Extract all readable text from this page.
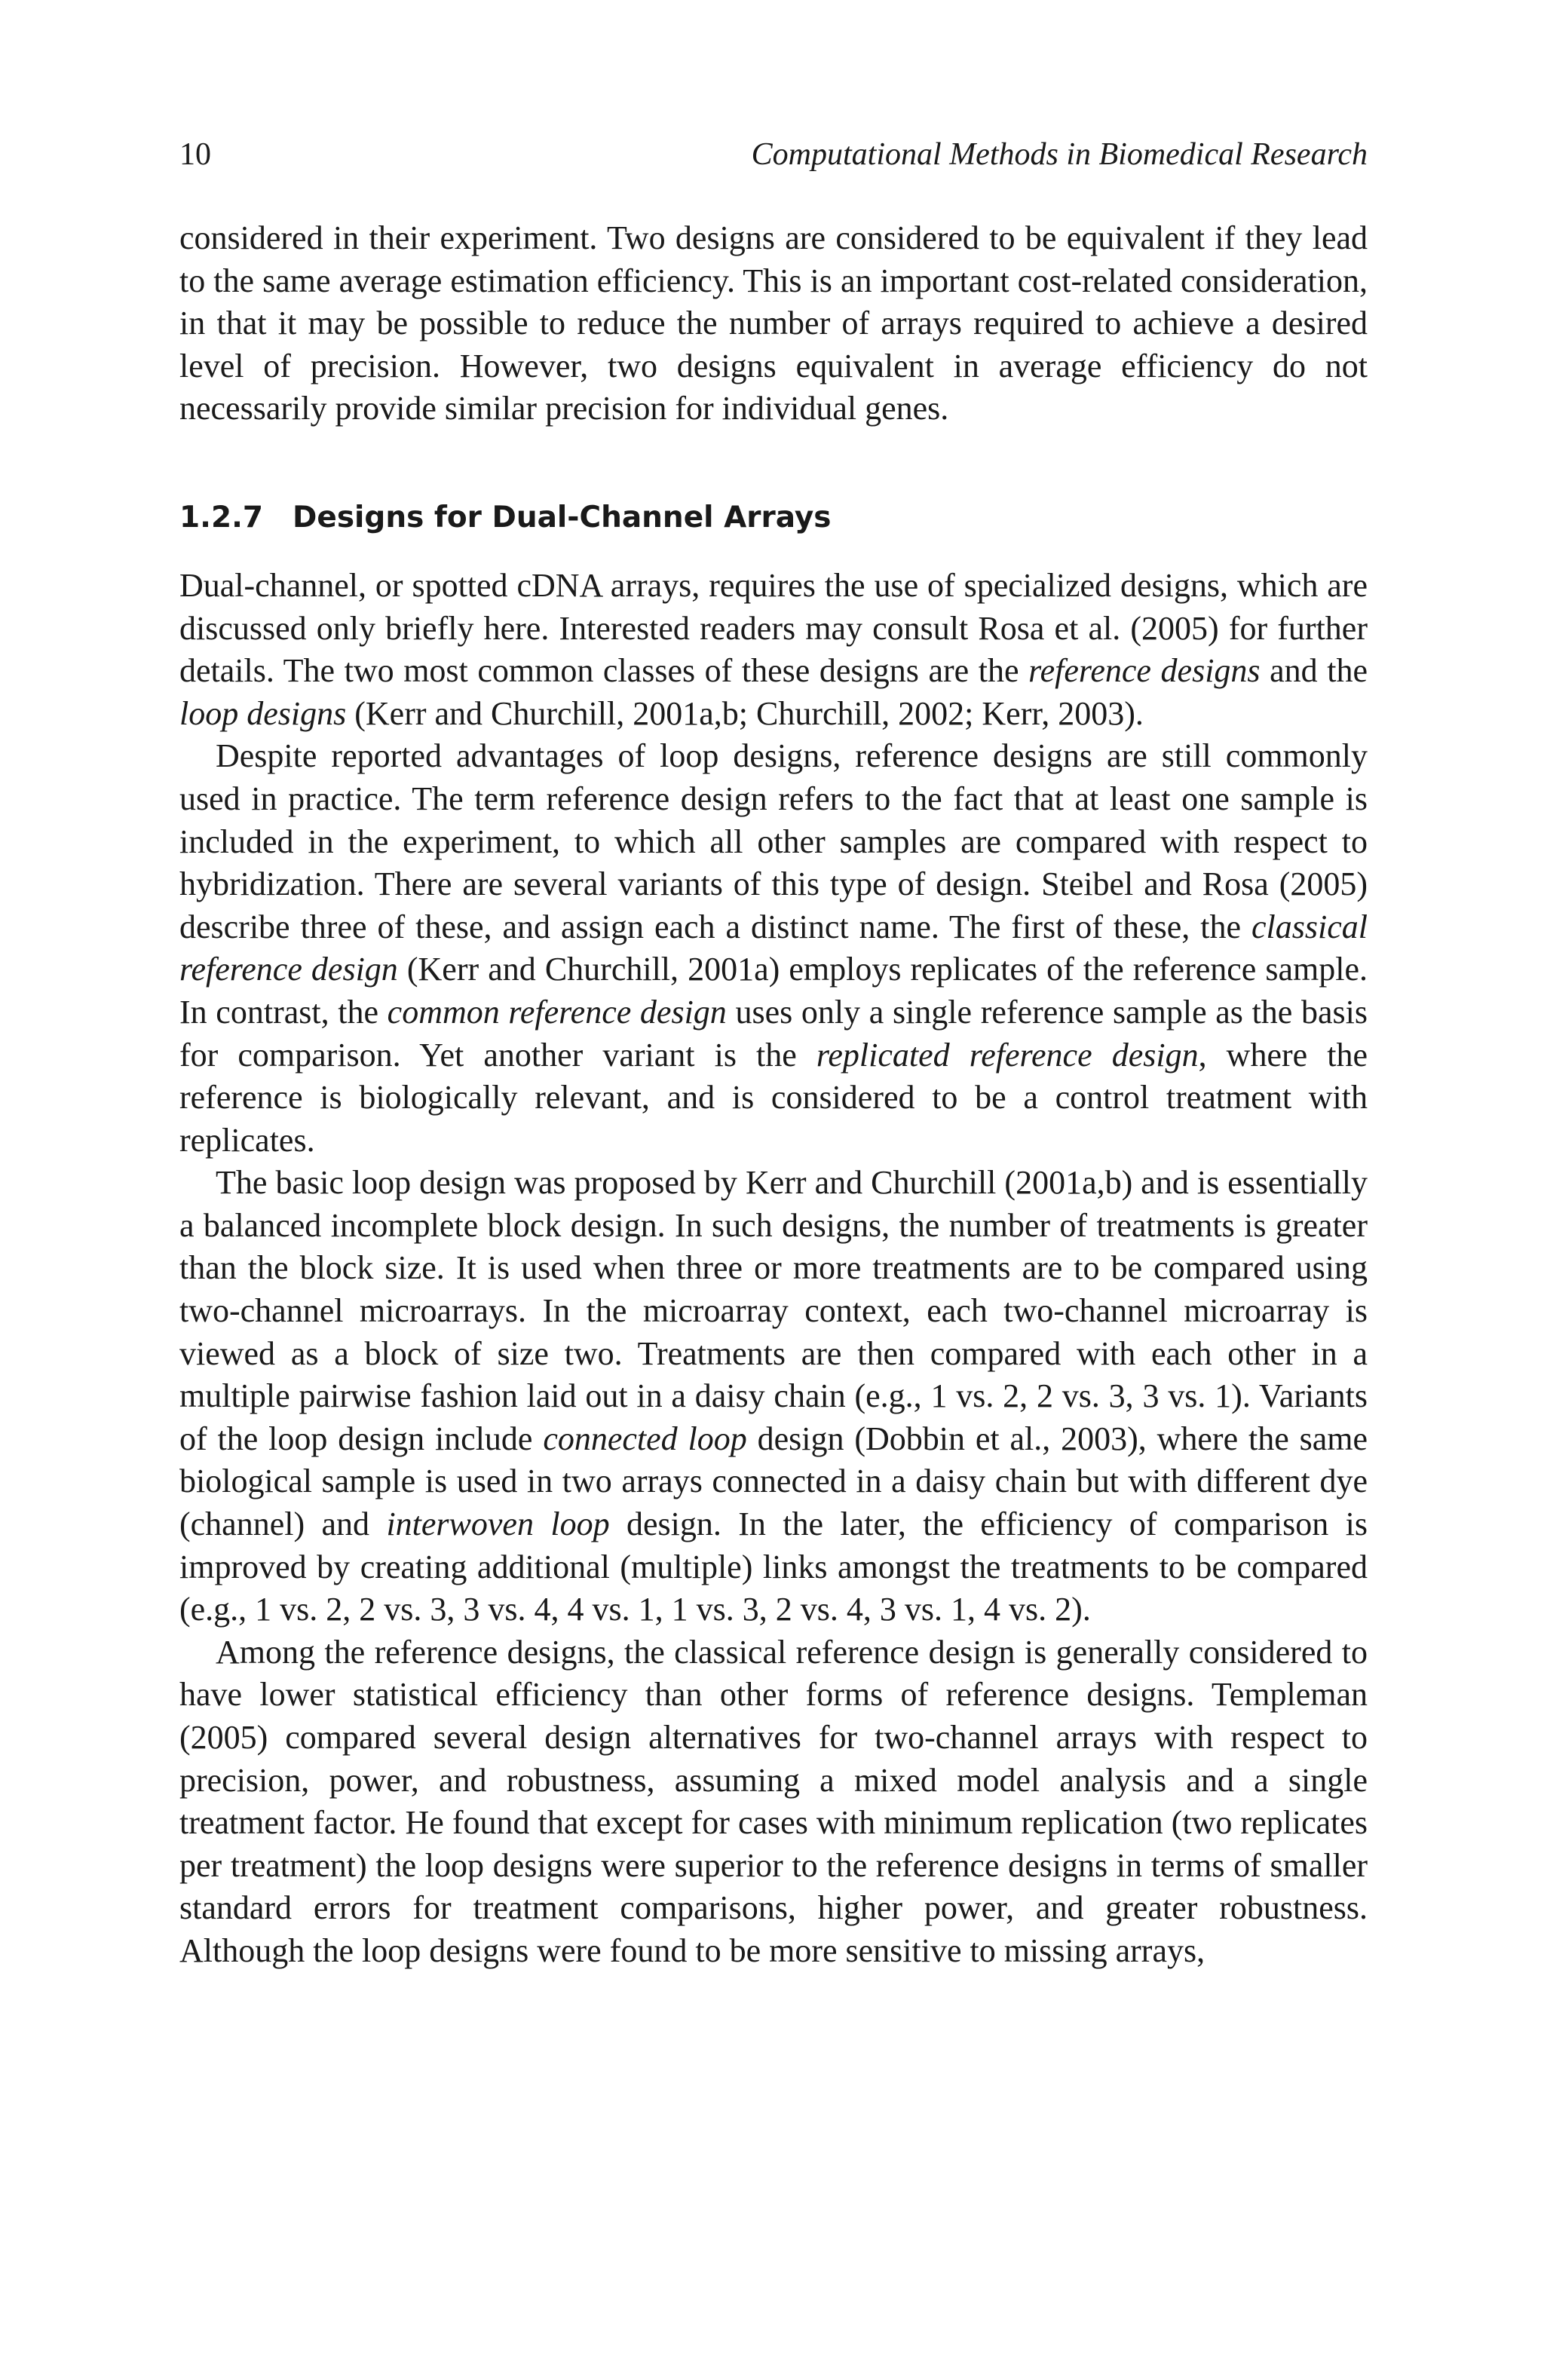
10	Computational Methods in Biomedical Research

considered in their experiment. Two designs are considered to be equivalent if they lead to the same average estimation efficiency. This is an important cost-related consideration, in that it may be possible to reduce the number of arrays required to achieve a desired level of precision. However, two designs equivalent in average efficiency do not necessarily provide similar precision for individual genes.

1.2.7 Designs for Dual-Channel Arrays

Dual-channel, or spotted cDNA arrays, requires the use of specialized designs, which are discussed only briefly here. Interested readers may consult Rosa et al. (2005) for further details. The two most common classes of these designs are the reference designs and the loop designs (Kerr and Churchill, 2001a,b; Churchill, 2002; Kerr, 2003).

Despite reported advantages of loop designs, reference designs are still commonly used in practice. The term reference design refers to the fact that at least one sample is included in the experiment, to which all other samples are compared with respect to hybridization. There are several variants of this type of design. Steibel and Rosa (2005) describe three of these, and assign each a distinct name. The first of these, the classical reference design (Kerr and Churchill, 2001a) employs replicates of the reference sample. In contrast, the common reference design uses only a single reference sample as the basis for comparison. Yet another variant is the replicated reference design, where the reference is biologically relevant, and is considered to be a control treatment with replicates.

The basic loop design was proposed by Kerr and Churchill (2001a,b) and is essentially a balanced incomplete block design. In such designs, the number of treatments is greater than the block size. It is used when three or more treatments are to be compared using two-channel microarrays. In the microarray context, each two-channel microarray is viewed as a block of size two. Treatments are then compared with each other in a multiple pairwise fashion laid out in a daisy chain (e.g., 1 vs. 2, 2 vs. 3, 3 vs. 1). Variants of the loop design include connected loop design (Dobbin et al., 2003), where the same biological sample is used in two arrays connected in a daisy chain but with different dye (channel) and interwoven loop design. In the later, the efficiency of comparison is improved by creating additional (multiple) links amongst the treatments to be compared (e.g., 1 vs. 2, 2 vs. 3, 3 vs. 4, 4 vs. 1, 1 vs. 3, 2 vs. 4, 3 vs. 1, 4 vs. 2).

Among the reference designs, the classical reference design is generally considered to have lower statistical efficiency than other forms of reference designs. Templeman (2005) compared several design alternatives for two-channel arrays with respect to precision, power, and robustness, assuming a mixed model analysis and a single treatment factor. He found that except for cases with minimum replication (two replicates per treatment) the loop designs were superior to the reference designs in terms of smaller standard errors for treatment comparisons, higher power, and greater robustness. Although the loop designs were found to be more sensitive to missing arrays,
